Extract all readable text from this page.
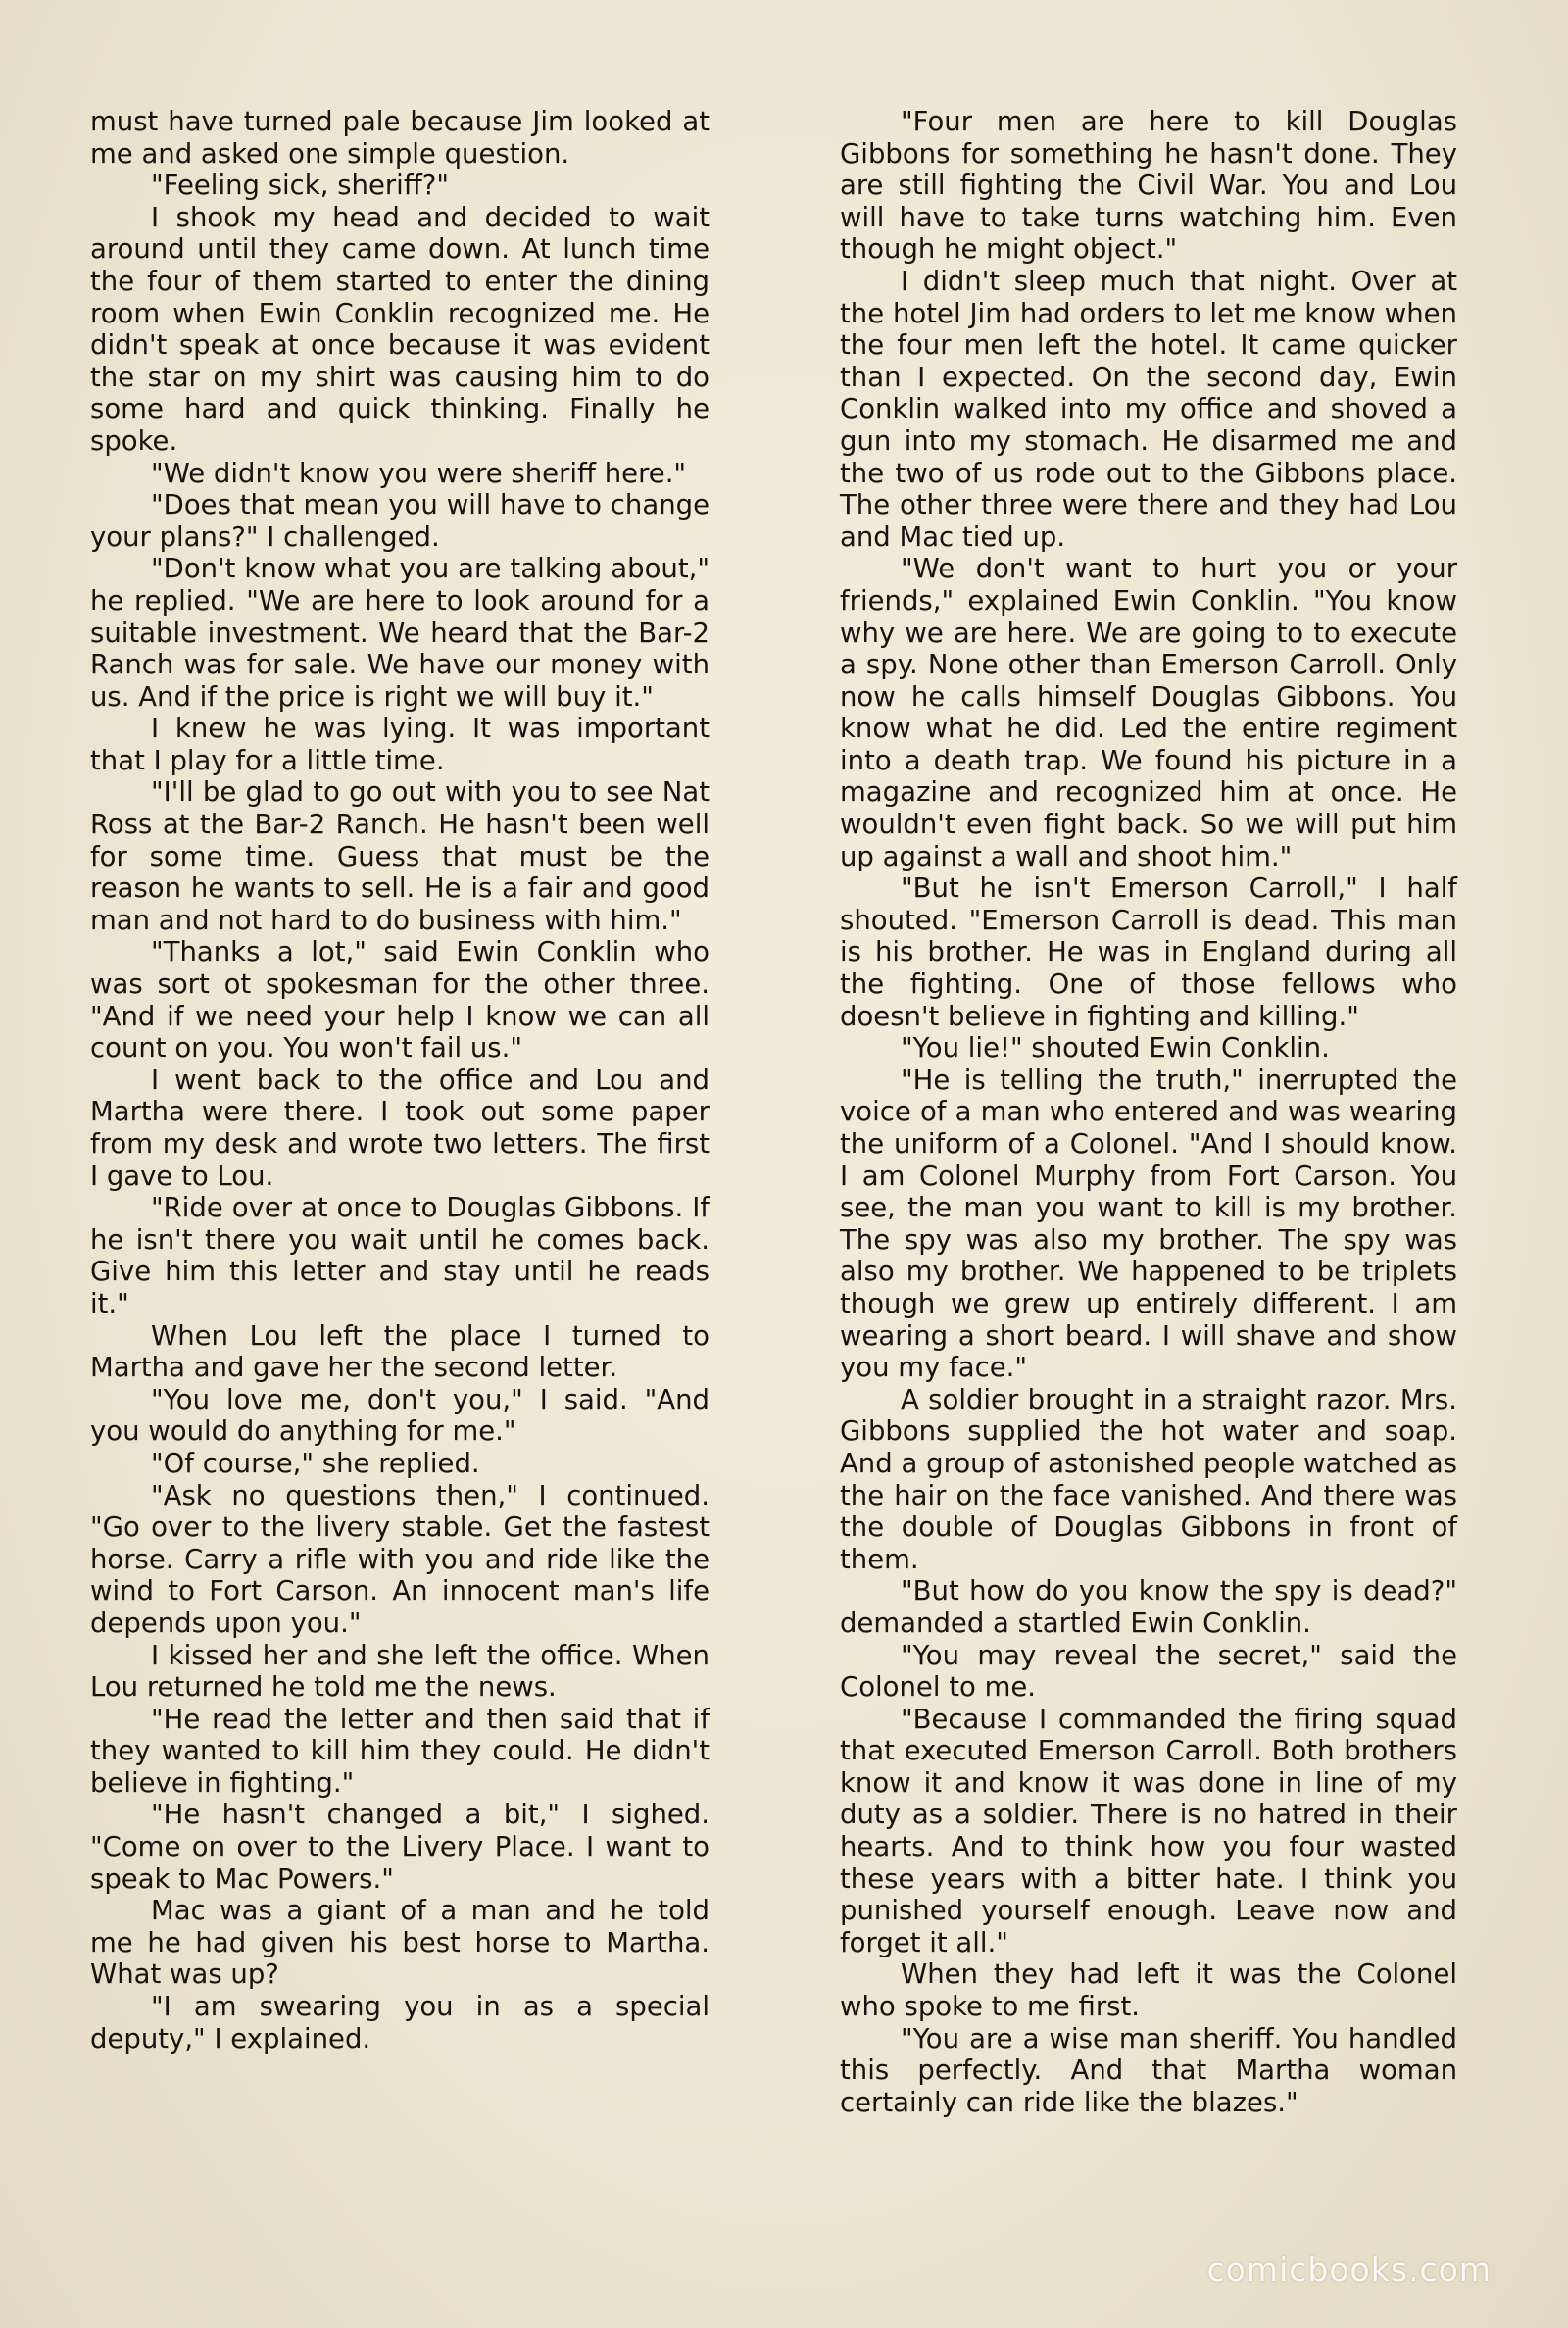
must have turned pale because Jim looked at me and asked one simple question.

"Feeling sick, sheriff?"

I shook my head and decided to wait around until they came down. At lunch time the four of them started to enter the dining room when Ewin Conklin recognized me. He didn't speak at once because it was evident the star on my shirt was causing him to do some hard and quick thinking. Finally he spoke.

"We didn't know you were sheriff here."

"Does that mean you will have to change your plans?" I challenged.

"Don't know what you are talking about," he replied. "We are here to look around for a suitable investment. We heard that the Bar-2 Ranch was for sale. We have our money with us. And if the price is right we will buy it."

I knew he was lying. It was important that I play for a little time.

"I'll be glad to go out with you to see Nat Ross at the Bar-2 Ranch. He hasn't been well for some time. Guess that must be the reason he wants to sell. He is a fair and good man and not hard to do business with him."

"Thanks a lot," said Ewin Conklin who was sort ot spokesman for the other three. "And if we need your help I know we can all count on you. You won't fail us."

I went back to the office and Lou and Martha were there. I took out some paper from my desk and wrote two letters. The first I gave to Lou.

"Ride over at once to Douglas Gibbons. If he isn't there you wait until he comes back. Give him this letter and stay until he reads it."

When Lou left the place I turned to Martha and gave her the second letter.

"You love me, don't you," I said. "And you would do anything for me."

"Of course," she replied.

"Ask no questions then," I continued. "Go over to the livery stable. Get the fastest horse. Carry a rifle with you and ride like the wind to Fort Carson. An innocent man's life depends upon you."

I kissed her and she left the office. When Lou returned he told me the news.

"He read the letter and then said that if they wanted to kill him they could. He didn't believe in fighting."

"He hasn't changed a bit," I sighed. "Come on over to the Livery Place. I want to speak to Mac Powers."

Mac was a giant of a man and he told me he had given his best horse to Martha. What was up?

"I am swearing you in as a special deputy," I explained.

"Four men are here to kill Douglas Gibbons for something he hasn't done. They are still fighting the Civil War. You and Lou will have to take turns watching him. Even though he might object."

I didn't sleep much that night. Over at the hotel Jim had orders to let me know when the four men left the hotel. It came quicker than I expected. On the second day, Ewin Conklin walked into my office and shoved a gun into my stomach. He disarmed me and the two of us rode out to the Gibbons place. The other three were there and they had Lou and Mac tied up.

"We don't want to hurt you or your friends," explained Ewin Conklin. "You know why we are here. We are going to to execute a spy. None other than Emerson Carroll. Only now he calls himself Douglas Gibbons. You know what he did. Led the entire regiment into a death trap. We found his picture in a magazine and recognized him at once. He wouldn't even fight back. So we will put him up against a wall and shoot him."

"But he isn't Emerson Carroll," I half shouted. "Emerson Carroll is dead. This man is his brother. He was in England during all the fighting. One of those fellows who doesn't believe in fighting and killing."

"You lie!" shouted Ewin Conklin.

"He is telling the truth," inerrupted the voice of a man who entered and was wearing the uniform of a Colonel. "And I should know. I am Colonel Murphy from Fort Carson. You see, the man you want to kill is my brother. The spy was also my brother. The spy was also my brother. We happened to be triplets though we grew up entirely different. I am wearing a short beard. I will shave and show you my face."

A soldier brought in a straight razor. Mrs. Gibbons supplied the hot water and soap. And a group of astonished people watched as the hair on the face vanished. And there was the double of Douglas Gibbons in front of them.

"But how do you know the spy is dead?" demanded a startled Ewin Conklin.

"You may reveal the secret," said the Colonel to me.

"Because I commanded the firing squad that executed Emerson Carroll. Both brothers know it and know it was done in line of my duty as a soldier. There is no hatred in their hearts. And to think how you four wasted these years with a bitter hate. I think you punished yourself enough. Leave now and forget it all."

When they had left it was the Colonel who spoke to me first.

"You are a wise man sheriff. You handled this perfectly. And that Martha woman certainly can ride like the blazes."

comicbooks.com
